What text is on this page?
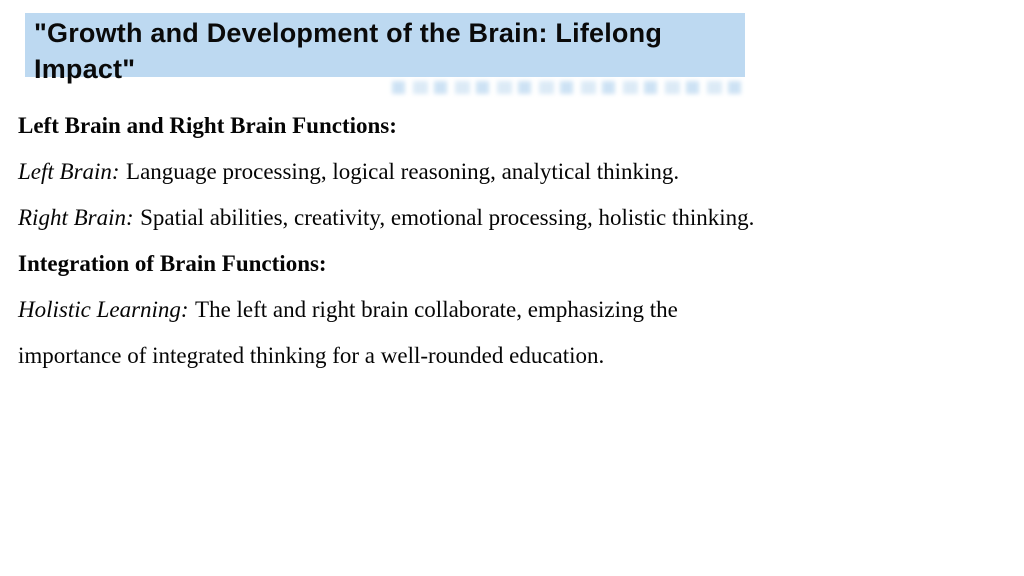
"Growth and Development of the Brain: Lifelong Impact"

Left Brain and Right Brain Functions:

Left Brain: Language processing, logical reasoning, analytical thinking.

Right Brain: Spatial abilities, creativity, emotional processing, holistic thinking.

Integration of Brain Functions:

Holistic Learning: The left and right brain collaborate, emphasizing the importance of integrated thinking for a well-rounded education.
